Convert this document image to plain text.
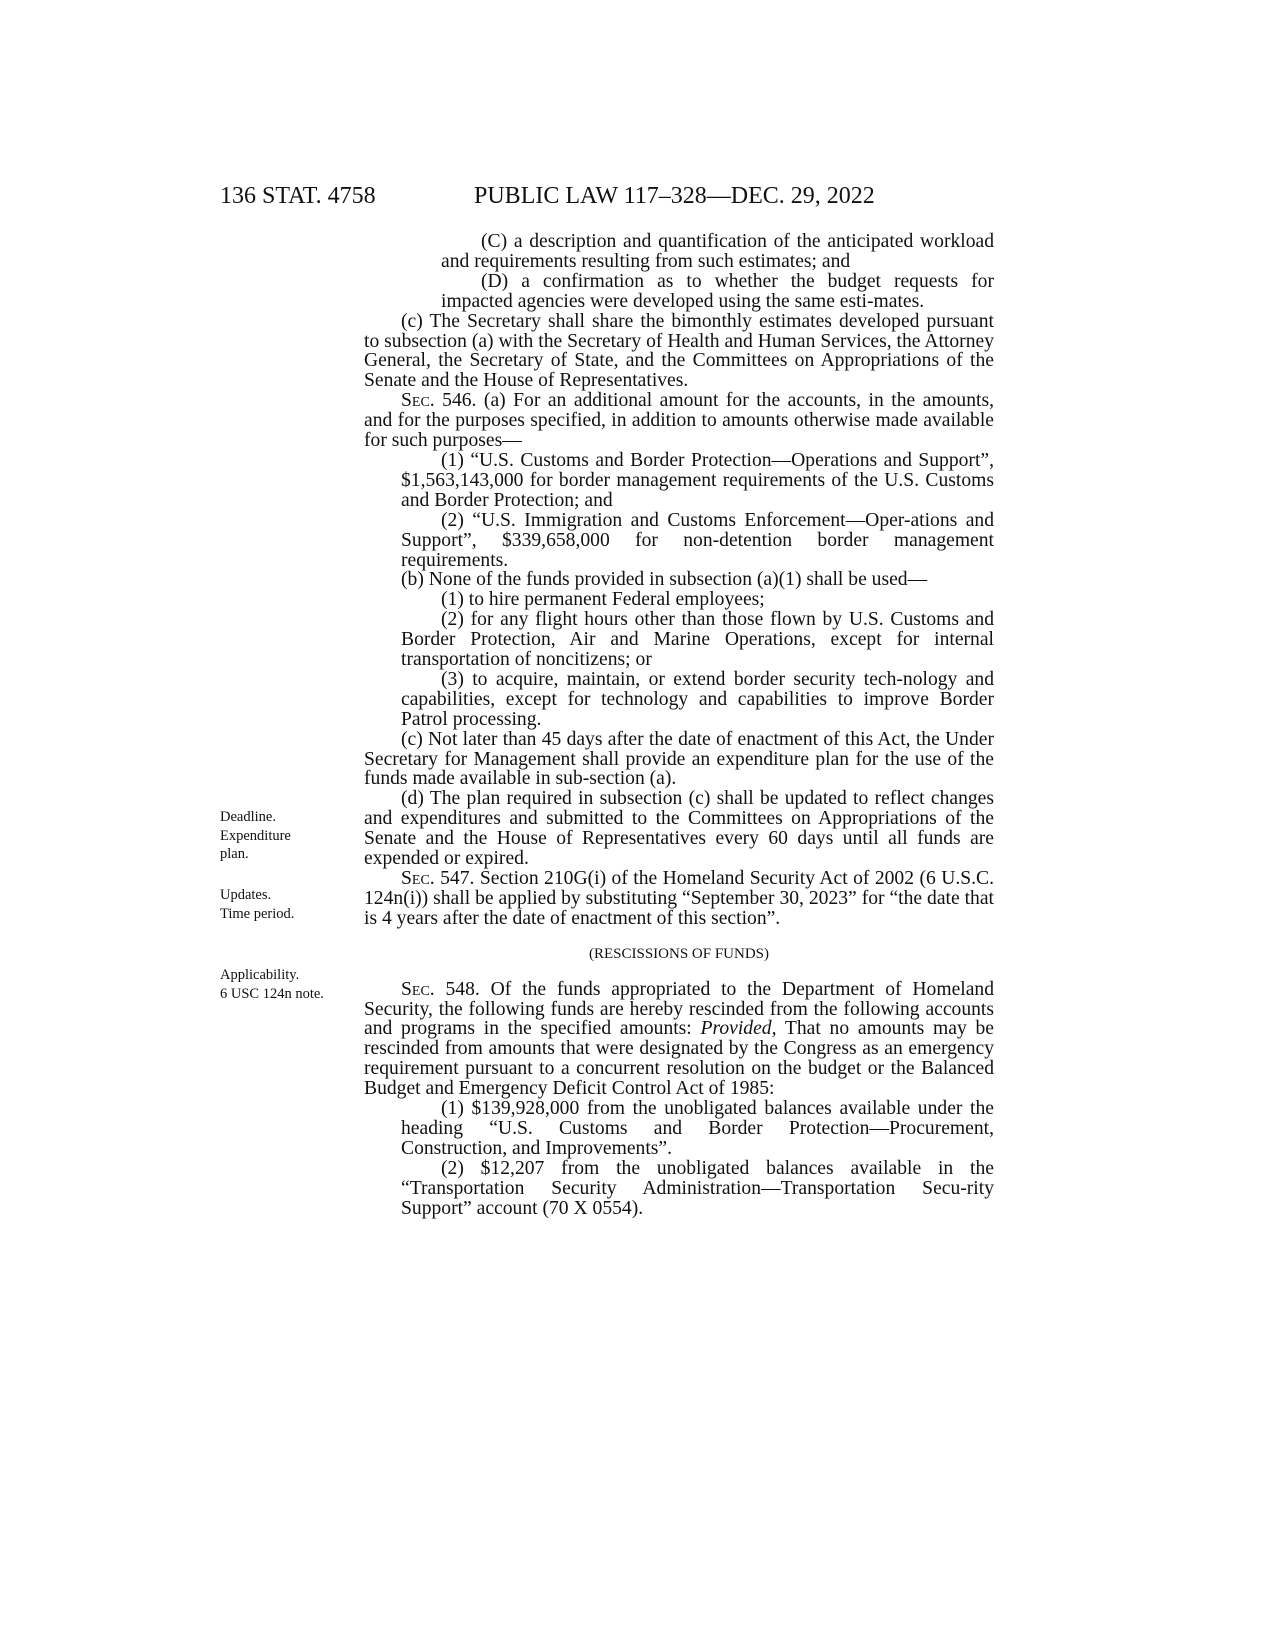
136 STAT. 4758	PUBLIC LAW 117–328—DEC. 29, 2022
Deadline.
Expenditure
plan.
Updates.
Time period.
Applicability.
6 USC 124n note.

(C) a description and quantification of the anticipated workload and requirements resulting from such estimates; and

(D) a confirmation as to whether the budget requests for impacted agencies were developed using the same esti-mates.

(c) The Secretary shall share the bimonthly estimates developed pursuant to subsection (a) with the Secretary of Health and Human Services, the Attorney General, the Secretary of State, and the Committees on Appropriations of the Senate and the House of Representatives.

Sec. 546. (a) For an additional amount for the accounts, in the amounts, and for the purposes specified, in addition to amounts otherwise made available for such purposes—

(1) “U.S. Customs and Border Protection—Operations and Support”, $1,563,143,000 for border management requirements of the U.S. Customs and Border Protection; and

(2) “U.S. Immigration and Customs Enforcement—Oper-ations and Support”, $339,658,000 for non-detention border management requirements.

(b) None of the funds provided in subsection (a)(1) shall be used—

(1) to hire permanent Federal employees;

(2) for any flight hours other than those flown by U.S. Customs and Border Protection, Air and Marine Operations, except for internal transportation of noncitizens; or

(3) to acquire, maintain, or extend border security tech-nology and capabilities, except for technology and capabilities to improve Border Patrol processing.

(c) Not later than 45 days after the date of enactment of this Act, the Under Secretary for Management shall provide an expenditure plan for the use of the funds made available in sub-section (a).

(d) The plan required in subsection (c) shall be updated to reflect changes and expenditures and submitted to the Committees on Appropriations of the Senate and the House of Representatives every 60 days until all funds are expended or expired.

Sec. 547. Section 210G(i) of the Homeland Security Act of 2002 (6 U.S.C. 124n(i)) shall be applied by substituting “September 30, 2023” for “the date that is 4 years after the date of enactment of this section”.

(RESCISSIONS OF FUNDS)

Sec. 548. Of the funds appropriated to the Department of Homeland Security, the following funds are hereby rescinded from the following accounts and programs in the specified amounts: Provided, That no amounts may be rescinded from amounts that were designated by the Congress as an emergency requirement pursuant to a concurrent resolution on the budget or the Balanced Budget and Emergency Deficit Control Act of 1985:

(1) $139,928,000 from the unobligated balances available under the heading “U.S. Customs and Border Protection—Procurement, Construction, and Improvements”.

(2) $12,207 from the unobligated balances available in the “Transportation Security Administration—Transportation Secu-rity Support” account (70 X 0554).
